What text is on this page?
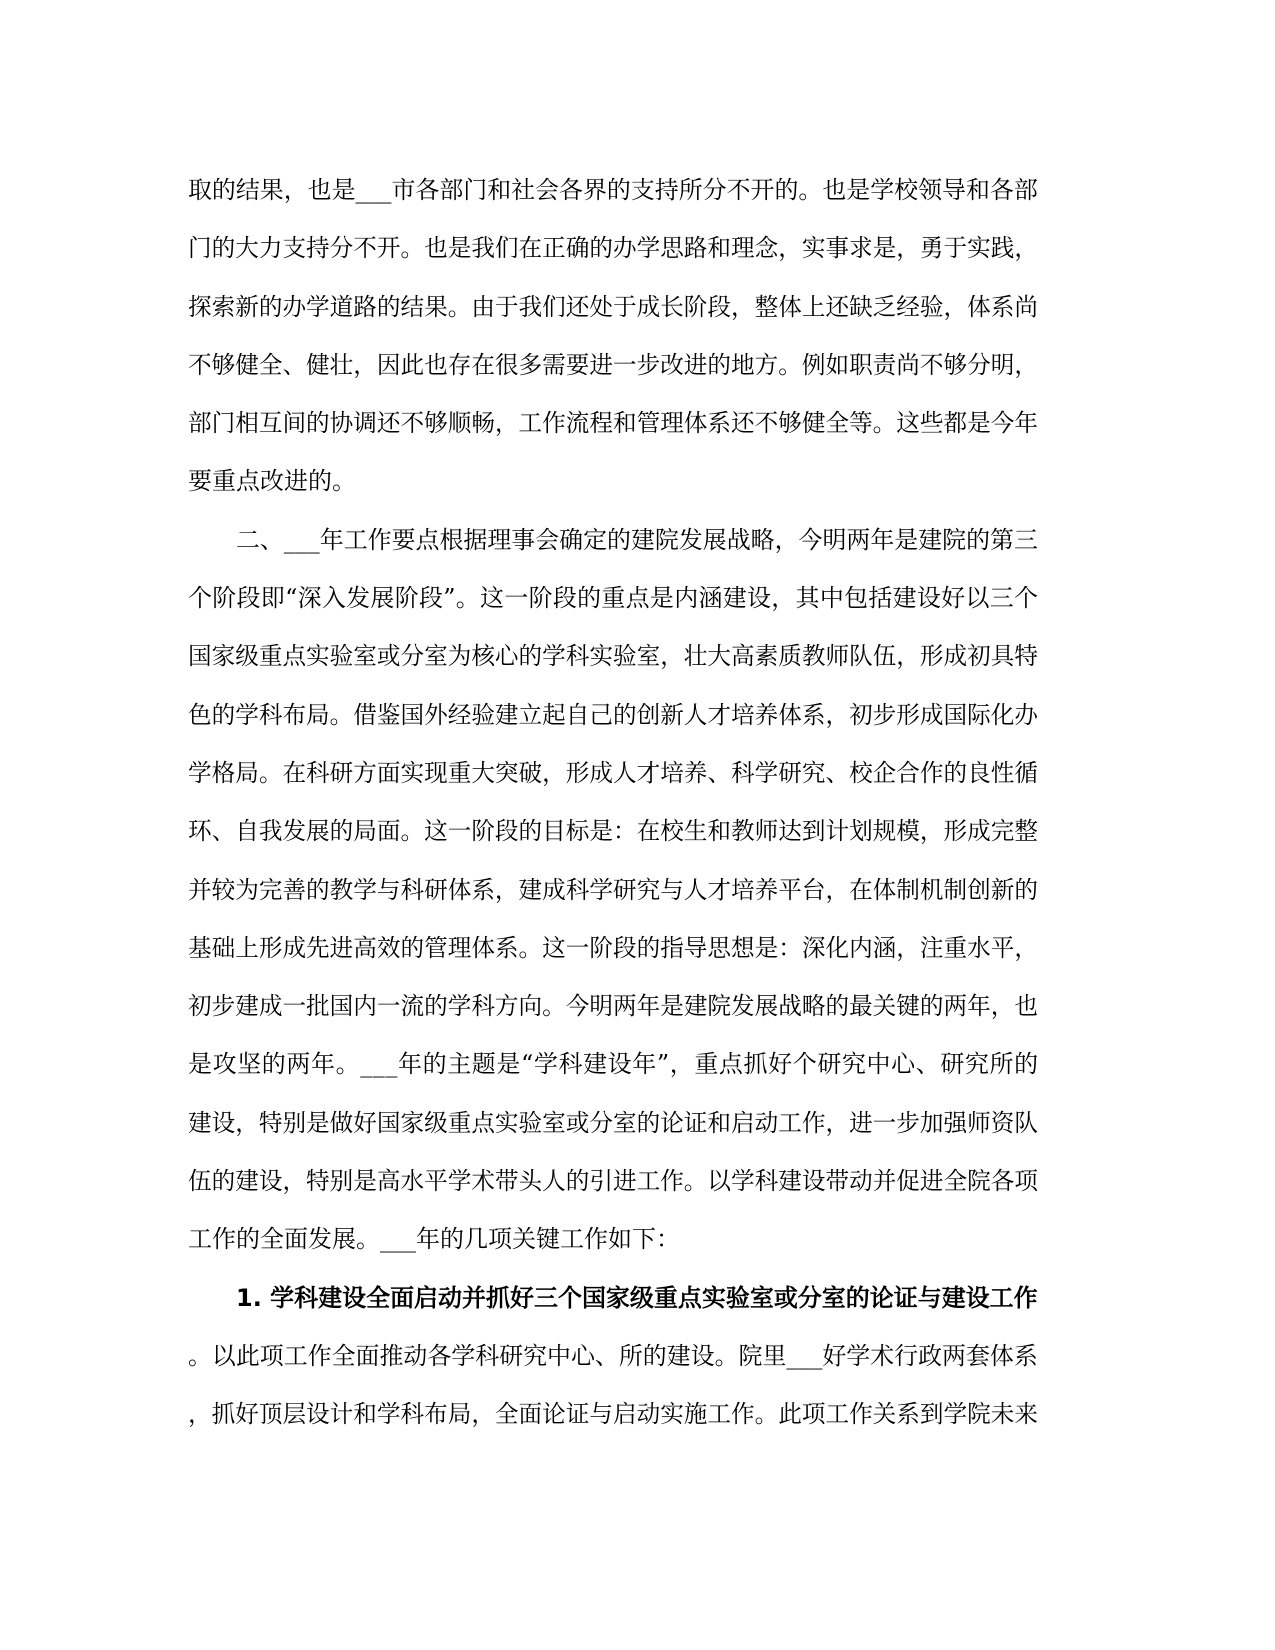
取的结果，也是___市各部门和社会各界的支持所分不开的。也是学校领导和各部
门的大力支持分不开。也是我们在正确的办学思路和理念，实事求是，勇于实践，
探索新的办学道路的结果。由于我们还处于成长阶段，整体上还缺乏经验，体系尚
不够健全、健壮，因此也存在很多需要进一步改进的地方。例如职责尚不够分明，
部门相互间的协调还不够顺畅，工作流程和管理体系还不够健全等。这些都是今年
要重点改进的。
二、___年工作要点根据理事会确定的建院发展战略，今明两年是建院的第三
个阶段即“深入发展阶段”。这一阶段的重点是内涵建设，其中包括建设好以三个
国家级重点实验室或分室为核心的学科实验室，壮大高素质教师队伍，形成初具特
色的学科布局。借鉴国外经验建立起自己的创新人才培养体系，初步形成国际化办
学格局。在科研方面实现重大突破，形成人才培养、科学研究、校企合作的良性循
环、自我发展的局面。这一阶段的目标是：在校生和教师达到计划规模，形成完整
并较为完善的教学与科研体系，建成科学研究与人才培养平台，在体制机制创新的
基础上形成先进高效的管理体系。这一阶段的指导思想是：深化内涵，注重水平，
初步建成一批国内一流的学科方向。今明两年是建院发展战略的最关键的两年，也
是攻坚的两年。___年的主题是“学科建设年”，重点抓好个研究中心、研究所的
建设，特别是做好国家级重点实验室或分室的论证和启动工作，进一步加强师资队
伍的建设，特别是高水平学术带头人的引进工作。以学科建设带动并促进全院各项
工作的全面发展。___年的几项关键工作如下：
1. 学科建设全面启动并抓好三个国家级重点实验室或分室的论证与建设工作
。以此项工作全面推动各学科研究中心、所的建设。院里___好学术行政两套体系
，抓好顶层设计和学科布局，全面论证与启动实施工作。此项工作关系到学院未来
